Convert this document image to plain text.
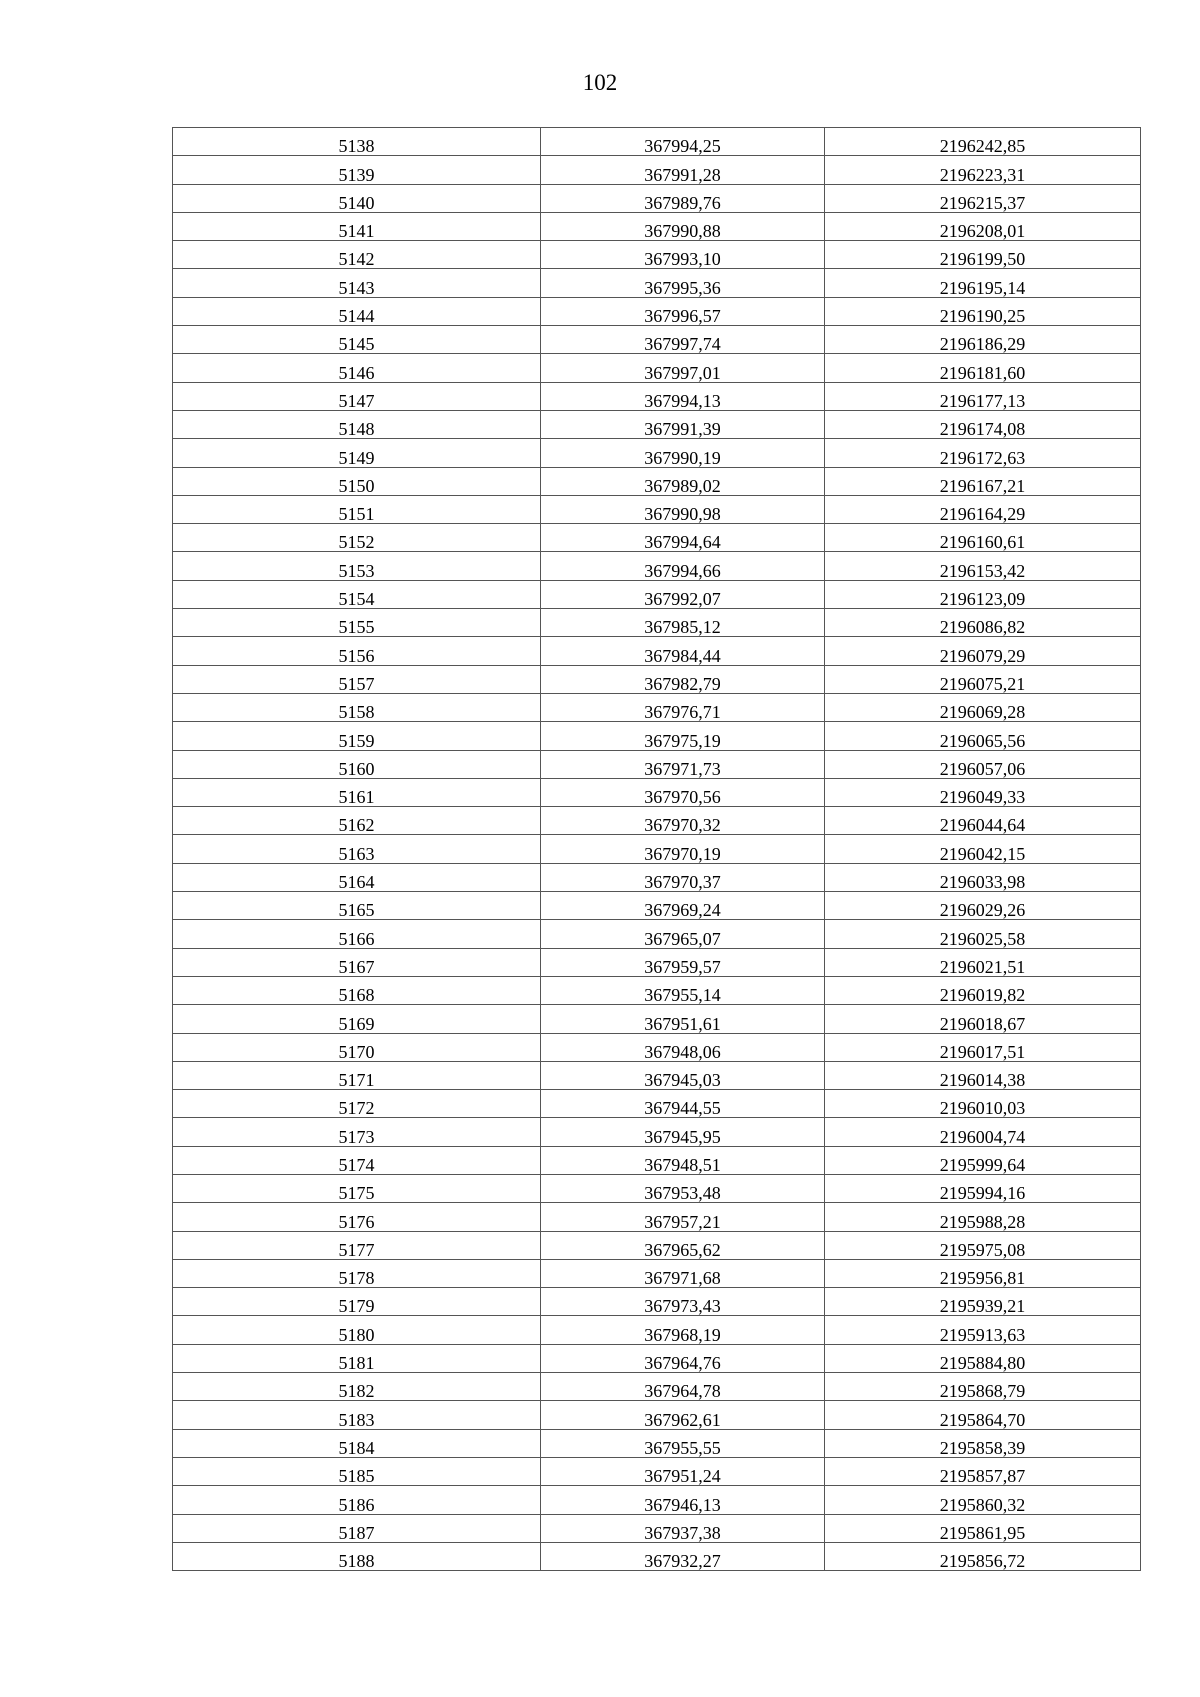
102
5138	367994,25	2196242,85
5139	367991,28	2196223,31
5140	367989,76	2196215,37
5141	367990,88	2196208,01
5142	367993,10	2196199,50
5143	367995,36	2196195,14
5144	367996,57	2196190,25
5145	367997,74	2196186,29
5146	367997,01	2196181,60
5147	367994,13	2196177,13
5148	367991,39	2196174,08
5149	367990,19	2196172,63
5150	367989,02	2196167,21
5151	367990,98	2196164,29
5152	367994,64	2196160,61
5153	367994,66	2196153,42
5154	367992,07	2196123,09
5155	367985,12	2196086,82
5156	367984,44	2196079,29
5157	367982,79	2196075,21
5158	367976,71	2196069,28
5159	367975,19	2196065,56
5160	367971,73	2196057,06
5161	367970,56	2196049,33
5162	367970,32	2196044,64
5163	367970,19	2196042,15
5164	367970,37	2196033,98
5165	367969,24	2196029,26
5166	367965,07	2196025,58
5167	367959,57	2196021,51
5168	367955,14	2196019,82
5169	367951,61	2196018,67
5170	367948,06	2196017,51
5171	367945,03	2196014,38
5172	367944,55	2196010,03
5173	367945,95	2196004,74
5174	367948,51	2195999,64
5175	367953,48	2195994,16
5176	367957,21	2195988,28
5177	367965,62	2195975,08
5178	367971,68	2195956,81
5179	367973,43	2195939,21
5180	367968,19	2195913,63
5181	367964,76	2195884,80
5182	367964,78	2195868,79
5183	367962,61	2195864,70
5184	367955,55	2195858,39
5185	367951,24	2195857,87
5186	367946,13	2195860,32
5187	367937,38	2195861,95
5188	367932,27	2195856,72
